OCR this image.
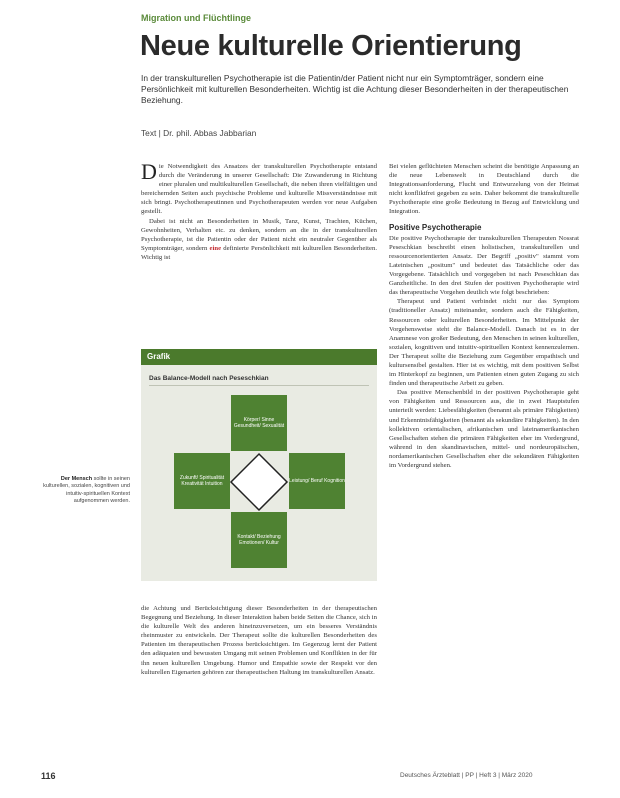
Migration und Flüchtlinge
Neue kulturelle Orientierung
In der transkulturellen Psychotherapie ist die Patientin/der Patient nicht nur ein Symptomträger, sondern eine Persönlichkeit mit kulturellen Besonderheiten. Wichtig ist die Achtung dieser Besonderheiten in der therapeutischen Beziehung.
Text | Dr. phil. Abbas Jabbarian

Die Notwendigkeit des Ansatzes der transkulturellen Psychotherapie entstand durch die Veränderung in unserer Gesellschaft: Die Zuwanderung in Richtung einer pluralen und multikulturellen Gesellschaft, die neben ihren vielfältigen und bereichernden Seiten auch psychische Probleme und kulturelle Missverständnisse mit sich bringt. Psychotherapeutinnen und Psychotherapeuten werden vor neue Aufgaben gestellt.

Dabei ist nicht an Besonderheiten in Musik, Tanz, Kunst, Trachten, Küchen, Gewohnheiten, Verhalten etc. zu denken, sondern an die in der transkulturellen Psychotherapie, ist die Patientin oder der Patient nicht ein neutraler Gegenüber als Symptomträger, sondern eine definierte Persönlichkeit mit kulturellen Besonderheiten. Wichtig ist

Grafik
Das Balance-Modell nach Peseschkian
Körper/ Sinne Gesundheit/ Sexualität
Zukunft/ Spiritualität Kreativität Intuition
Leistung/ Beruf Kognition
Kontakt/ Beziehung Emotionen/ Kultur
Der Mensch sollte in seinen kulturellen, sozialen, kognitiven und intuitiv-spirituellen Kontext aufgenommen werden.

die Achtung und Berücksichtigung dieser Besonderheiten in der therapeutischen Begegnung und Beziehung. In dieser Interaktion haben beide Seiten die Chance, sich in die kulturelle Welt des anderen hineinzuversetzen, um ein besseres Verständnis rheinmuster zu entwickeln. Der Therapeut sollte die kulturellen Besonderheiten des Patienten im therapeutischen Prozess berücksichtigen. Im Gegenzug lernt der Patient den adäquaten und bewussten Umgang mit seinen Problemen und Konflikten in der für ihn neuen kulturellen Umgebung. Humor und Empathie sowie der Respekt vor den kulturellen Eigenarten gehören zur therapeutischen Haltung im transkulturellen Ansatz.

Bei vielen geflüchteten Menschen scheint die benötigte Anpassung an die neue Lebenswelt in Deutschland durch die Integrationsanforderung, Flucht und Entwurzelung von der Heimat nicht konfliktfrei gegeben zu sein. Daher bekommt die transkulturelle Psychotherapie eine große Bedeutung in Bezug auf Entwicklung und Integration.

Positive Psychotherapie

Die positive Psychotherapie der transkulturellen Therapeuten Nossrat Peseschkian beschreibt einen holistischen, transkulturellen und ressourcenorientierten Ansatz. Der Begriff „positiv" stammt vom Lateinischen „positum" und bedeutet das Tatsächliche oder das Vorgegebene. Tatsächlich und vorgegeben ist nach Peseschkian das Ganzheitliche. In den drei Stufen der positiven Psychotherapie wird das therapeutische Vorgehen deutlich wie folgt beschrieben:

Therapeut und Patient verbindet nicht nur das Symptom (traditioneller Ansatz) miteinander, sondern auch die Fähigkeiten, Ressourcen oder kulturellen Besonderheiten. Im Mittelpunkt der Vorgehensweise steht die Balance-Modell. Danach ist es in der Anamnese von großer Bedeutung, den Menschen in seinen kulturellen, sozialen, kognitiven und intuitiv-spirituellen Kontext kennenzulernen. Der Therapeut sollte die Beziehung zum Gegenüber empathisch und kultursensibel gestalten. Hier ist es wichtig, mit dem positiven Selbst im Hinterkopf zu beginnen, um Patienten einen guten Zugang zu sich finden und therapeutische Arbeit zu geben.

Das positive Menschenbild in der positiven Psychotherapie geht von Fähigkeiten und Ressourcen aus, die in zwei Hauptstufen unterteilt werden: Liebesfähigkeiten (benannt als primäre Fähigkeiten) und Erkenntnisfähigkeiten (benannt als sekundäre Fähigkeiten). In den kollektiven orientalischen, afrikanischen und lateinamerikanischen Gesellschaften stehen die primären Fähigkeiten eher im Vordergrund, während in den skandinavischen, mittel- und nordeuropäischen, nordamerikanischen Gesellschaften eher die sekundären Fähigkeiten im Vordergrund stehen.

116	Deutsches Ärzteblatt | PP | Heft 3 | März 2020
